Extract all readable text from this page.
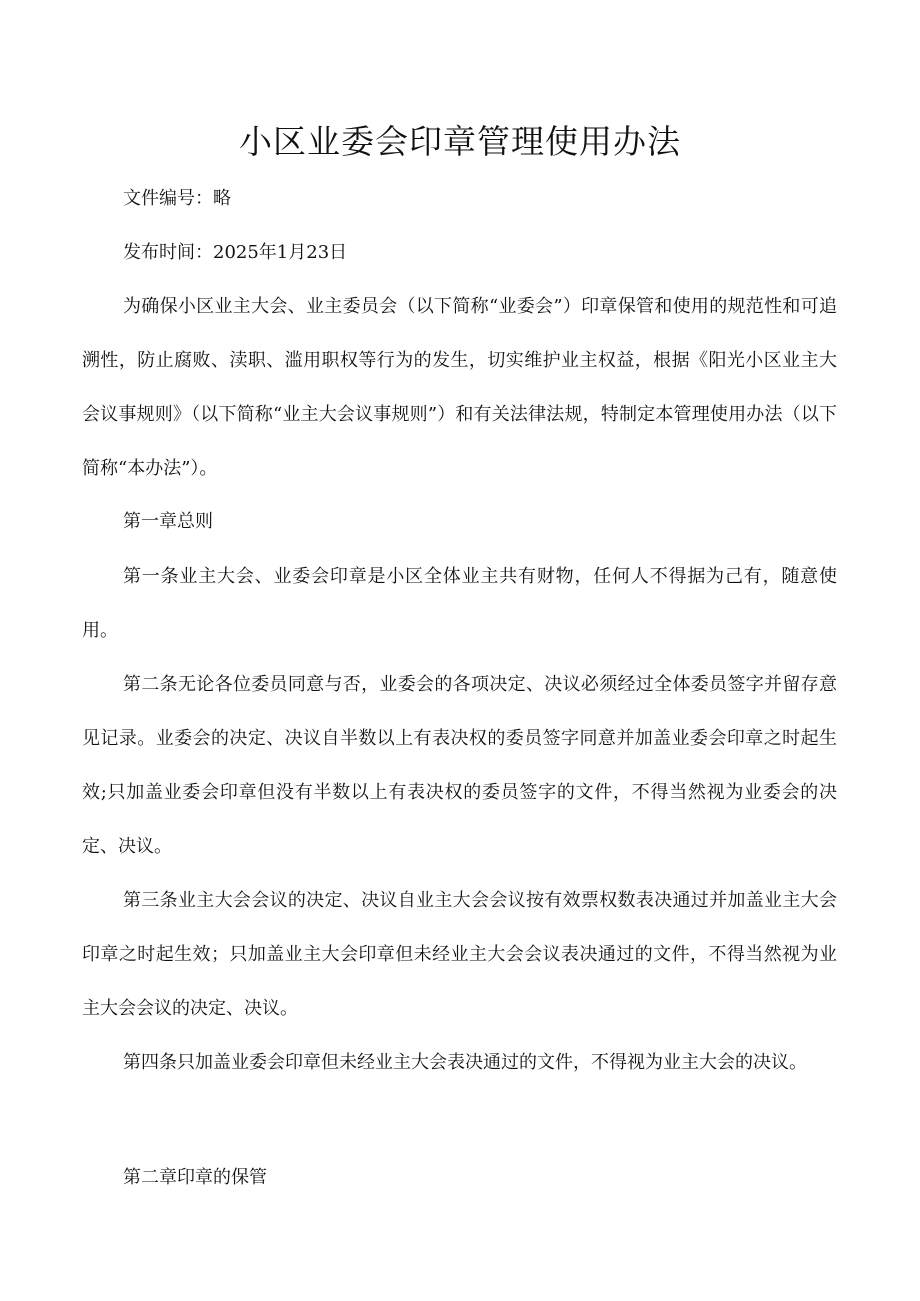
小区业委会印章管理使用办法
文件编号：略
发布时间：2025年1月23日

为确保小区业主大会、业主委员会（以下简称“业委会”）印章保管和使用的规范性和可追溯性，防止腐败、渎职、滥用职权等行为的发生，切实维护业主权益，根据《阳光小区业主大会议事规则》（以下简称“业主大会议事规则”）和有关法律法规，特制定本管理使用办法（以下简称“本办法”）。

第一章总则

第一条业主大会、业委会印章是小区全体业主共有财物，任何人不得据为己有，随意使用。

第二条无论各位委员同意与否，业委会的各项决定、决议必须经过全体委员签字并留存意见记录。业委会的决定、决议自半数以上有表决权的委员签字同意并加盖业委会印章之时起生效;只加盖业委会印章但没有半数以上有表决权的委员签字的文件，不得当然视为业委会的决定、决议。

第三条业主大会会议的决定、决议自业主大会会议按有效票权数表决通过并加盖业主大会印章之时起生效；只加盖业主大会印章但未经业主大会会议表决通过的文件，不得当然视为业主大会会议的决定、决议。

第四条只加盖业委会印章但未经业主大会表决通过的文件，不得视为业主大会的决议。

第二章印章的保管
